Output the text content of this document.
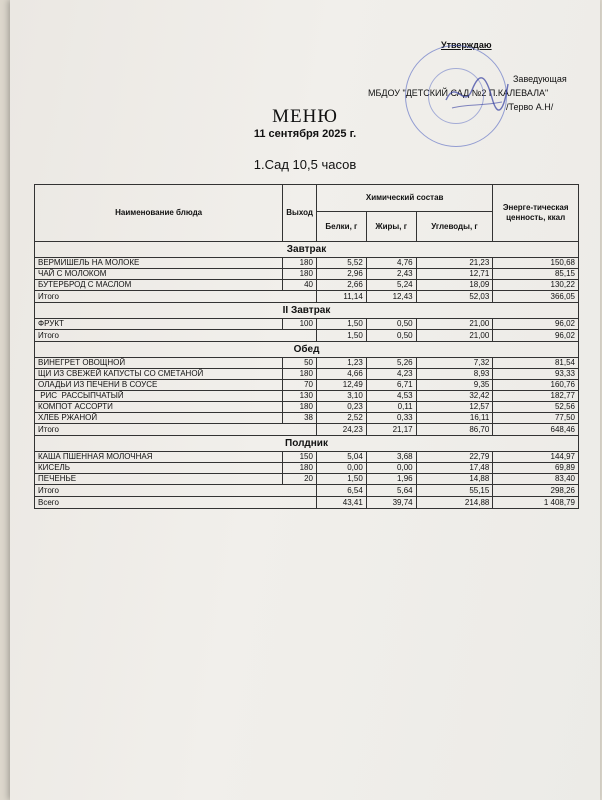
Утверждаю
Заведующая
МБДОУ "ДЕТСКИЙ САД №2 П.КАЛЕВАЛА"
/Терво А.Н/
МЕНЮ
11 сентября 2025 г.
1.Сад 10,5 часов
Наименование блюда	Выход	Химический состав			Энерге-тическая ценность, ккал
		Белки, г	Жиры, г	Углеводы, г	
Завтрак					
ВЕРМИШЕЛЬ НА МОЛОКЕ	180	5,52	4,76	21,23	150,68
ЧАЙ С МОЛОКОМ	180	2,96	2,43	12,71	85,15
БУТЕРБРОД С МАСЛОМ	40	2,66	5,24	18,09	130,22
Итого		11,14	12,43	52,03	366,05
II Завтрак					
ФРУКТ	100	1,50	0,50	21,00	96,02
Итого		1,50	0,50	21,00	96,02
Обед					
ВИНЕГРЕТ ОВОЩНОЙ	50	1,23	5,26	7,32	81,54
ЩИ ИЗ СВЕЖЕЙ КАПУСТЫ СО СМЕТАНОЙ	180	4,66	4,23	8,93	93,33
ОЛАДЬИ ИЗ ПЕЧЕНИ В СОУСЕ	70	12,49	6,71	9,35	160,76
РИС  РАССЫПЧАТЫЙ	130	3,10	4,53	32,42	182,77
КОМПОТ АССОРТИ	180	0,23	0,11	12,57	52,56
ХЛЕБ РЖАНОЙ	38	2,52	0,33	16,11	77,50
Итого		24,23	21,17	86,70	648,46
Полдник					
КАША ПШЕННАЯ МОЛОЧНАЯ	150	5,04	3,68	22,79	144,97
КИСЕЛЬ	180	0,00	0,00	17,48	69,89
ПЕЧЕНЬЕ	20	1,50	1,96	14,88	83,40
Итого		6,54	5,64	55,15	298,26
Всего		43,41	39,74	214,88	1 408,79
